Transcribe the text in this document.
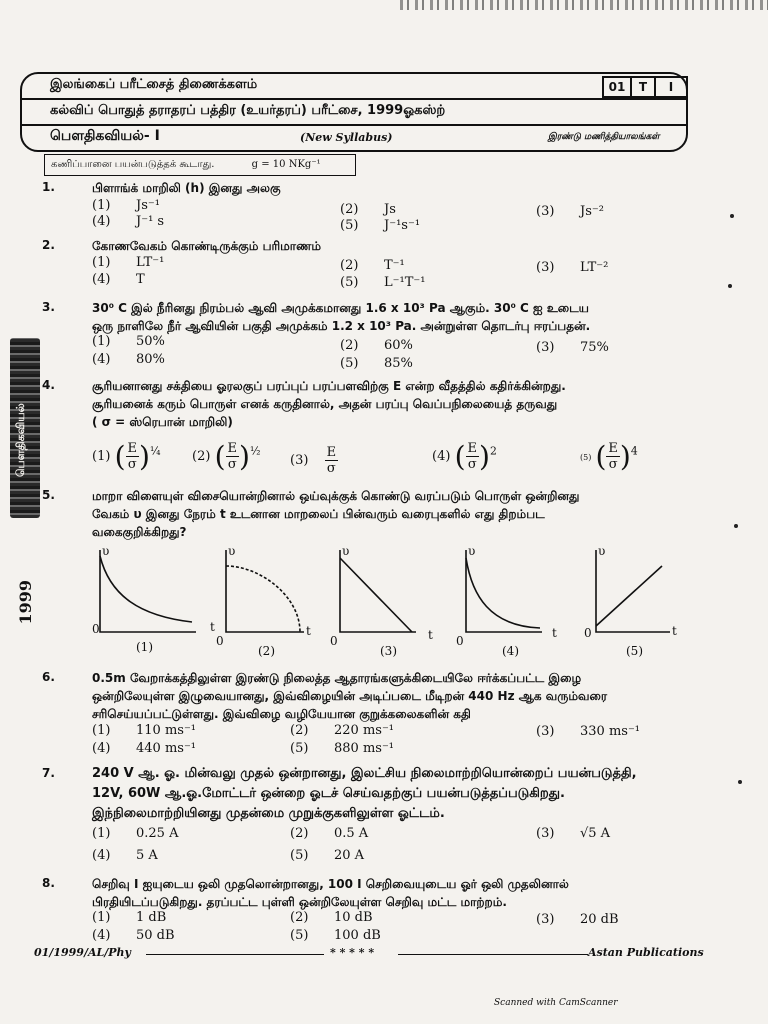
இலங்கைப் பரீட்சைத் திணைக்களம்
கல்விப் பொதுத் தராதரப் பத்திர (உயர்தரப்) பரீட்சை, 1999ஓகஸ்ற்
பௌதிகவியல்- I	(New Syllabus)	இரண்டு மணித்தியாலங்கள்
01	T	I
கணிப்பானை பயன்படுத்தக் கூடாது.	g = 10 NKg⁻¹
பௌதிகவியல்
1999
1.	பிளாங்க் மாறிலி (h) இனது அலகு
(1) Js⁻¹	(2) Js	(3) Js⁻²
(4) J⁻¹ s	(5) J⁻¹s⁻¹
2.	கோணவேகம் கொண்டிருக்கும் பரிமாணம்
(1) LT⁻¹	(2) T⁻¹	(3) LT⁻²
(4) T	(5) L⁻¹T⁻¹
3.	30⁰ C இல் நீரினது நிரம்பல் ஆவி அமுக்கமானது 1.6 x 10³ Pa ஆகும். 30⁰ C ஐ உடைய
ஒரு நாளிலே நீர் ஆவியின் பகுதி அமுக்கம் 1.2 x 10³ Pa. அன்றுள்ள தொடர்பு ஈரப்பதன்.
(1) 50%	(2) 60%	(3) 75%
(4) 80%	(5) 85%
4.	சூரியனானது சக்தியை ஓரலகுப் பரப்புப் பரப்பளவிற்கு E என்ற வீதத்தில் கதிர்க்கின்றது.
சூரியனைக் கரும் பொருள் எனக் கருதினால், அதன் பரப்பு வெப்பநிலையைத் தருவது
( σ = ஸ்ரெபான் மாறிலி)
(1) ( $\frac{E}{\sigma} )^{\frac{1}{4}}$ (2) ( $\frac{E}{\sigma} )^{\frac{1}{2}}$
$(3) \frac{E}{\sigma}$	(4) ( $\frac{E}{\sigma} )^2$	(5) ( $\frac{E}{\sigma} )^4$
5.	மாறா விளையுள் விசையொன்றினால் ஒய்வுக்குக் கொண்டு வரப்படும் பொருள் ஒன்றினது
வேகம் υ இனது நேரம் t உடனான மாறலைப் பின்வரும் வரைபுகளில் எது திறம்பட
வகைகுறிக்கிறது?
υ	υ	υ	υ	υ
0
0	0	0
0
t	t	t	t	t
(1)	(2)	(3)	(4)	(5)
6.	0.5m வேறாக்கத்திலுள்ள இரண்டு நிலைத்த ஆதாரங்களுக்கிடையிலே ஈர்க்கப்பட்ட இழை
ஒன்றிலேயுள்ள இழுவையானது, இவ்விழையின் அடிப்படை மீடிறன் 440 Hz ஆக வரும்வரை
சரிசெய்யப்பட்டுள்ளது. இவ்விழை வழியேயான குறுக்கலைகளின் கதி
(1) 110 ms⁻¹	(2) 220 ms⁻¹	(3) 330 ms⁻¹
(4) 440 ms⁻¹	(5) 880 ms⁻¹
7.	240 V ஆ. ஓ. மின்வலு முதல் ஒன்றானது, இலட்சிய நிலைமாற்றியொன்றைப் பயன்படுத்தி,
12V, 60W ஆ.ஓ.மோட்டர் ஒன்றை ஓடச் செய்வதற்குப் பயன்படுத்தப்படுகிறது.
இந்நிலைமாற்றியினது முதன்மை முறுக்குகளிலுள்ள ஓட்டம்.
(1) 0.25 A	(2) 0.5 A	(3) √5 A
(4) 5 A	(5) 20 A
8.	செறிவு I ஐயுடைய ஒலி முதலொன்றானது, 100 I செறிவையுடைய ஓர் ஒலி முதலினால்
பிரதியிடப்படுகிறது. தரப்பட்ட புள்ளி ஒன்றிலேயுள்ள செறிவு மட்ட மாற்றம்.
(1) 1 dB	(2) 10 dB	(3) 20 dB
(4) 50 dB	(5) 100 dB
01/1999/AL/Phy	* * * * *	Astan Publications
Scanned with CamScanner
